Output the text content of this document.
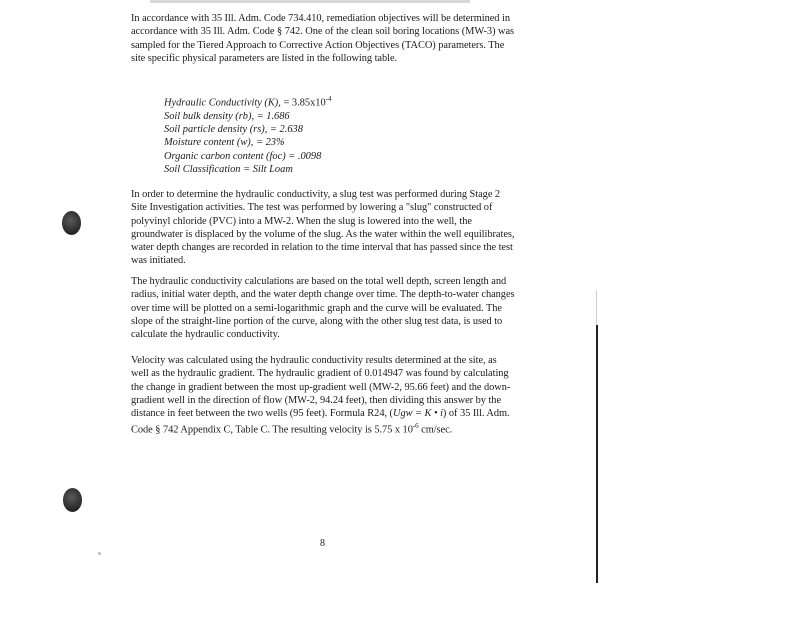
In accordance with 35 Ill. Adm. Code 734.410, remediation objectives will be determined in accordance with 35 Ill. Adm. Code § 742. One of the clean soil boring locations (MW-3) was sampled for the Tiered Approach to Corrective Action Objectives (TACO) parameters. The site specific physical parameters are listed in the following table.

Hydraulic Conductivity (K), = $3.85x10^{-4}$
Soil bulk density (rb), = 1.686
Soil particle density (rs), = 2.638
Moisture content (w), = 23%
Organic carbon content (foc) = .0098
Soil Classification = Silt Loam

In order to determine the hydraulic conductivity, a slug test was performed during Stage 2 Site Investigation activities. The test was performed by lowering a "slug" constructed of polyvinyl chloride (PVC) into a MW-2. When the slug is lowered into the well, the groundwater is displaced by the volume of the slug. As the water within the well equilibrates, water depth changes are recorded in relation to the time interval that has passed since the test was initiated.

The hydraulic conductivity calculations are based on the total well depth, screen length and radius, initial water depth, and the water depth change over time. The depth-to-water changes over time will be plotted on a semi-logarithmic graph and the curve will be evaluated. The slope of the straight-line portion of the curve, along with the other slug test data, is used to calculate the hydraulic conductivity.

Velocity was calculated using the hydraulic conductivity results determined at the site, as well as the hydraulic gradient. The hydraulic gradient of 0.014947 was found by calculating the change in gradient between the most up-gradient well (MW-2, 95.66 feet) and the down-gradient well in the direction of flow (MW-2, 94.24 feet), then dividing this answer by the distance in feet between the two wells (95 feet). Formula R24, (Ugw = K • i) of 35 Ill. Adm. Code § 742 Appendix C, Table C. The resulting velocity is 5.75 x $10^{-6}$ cm/sec.

8
